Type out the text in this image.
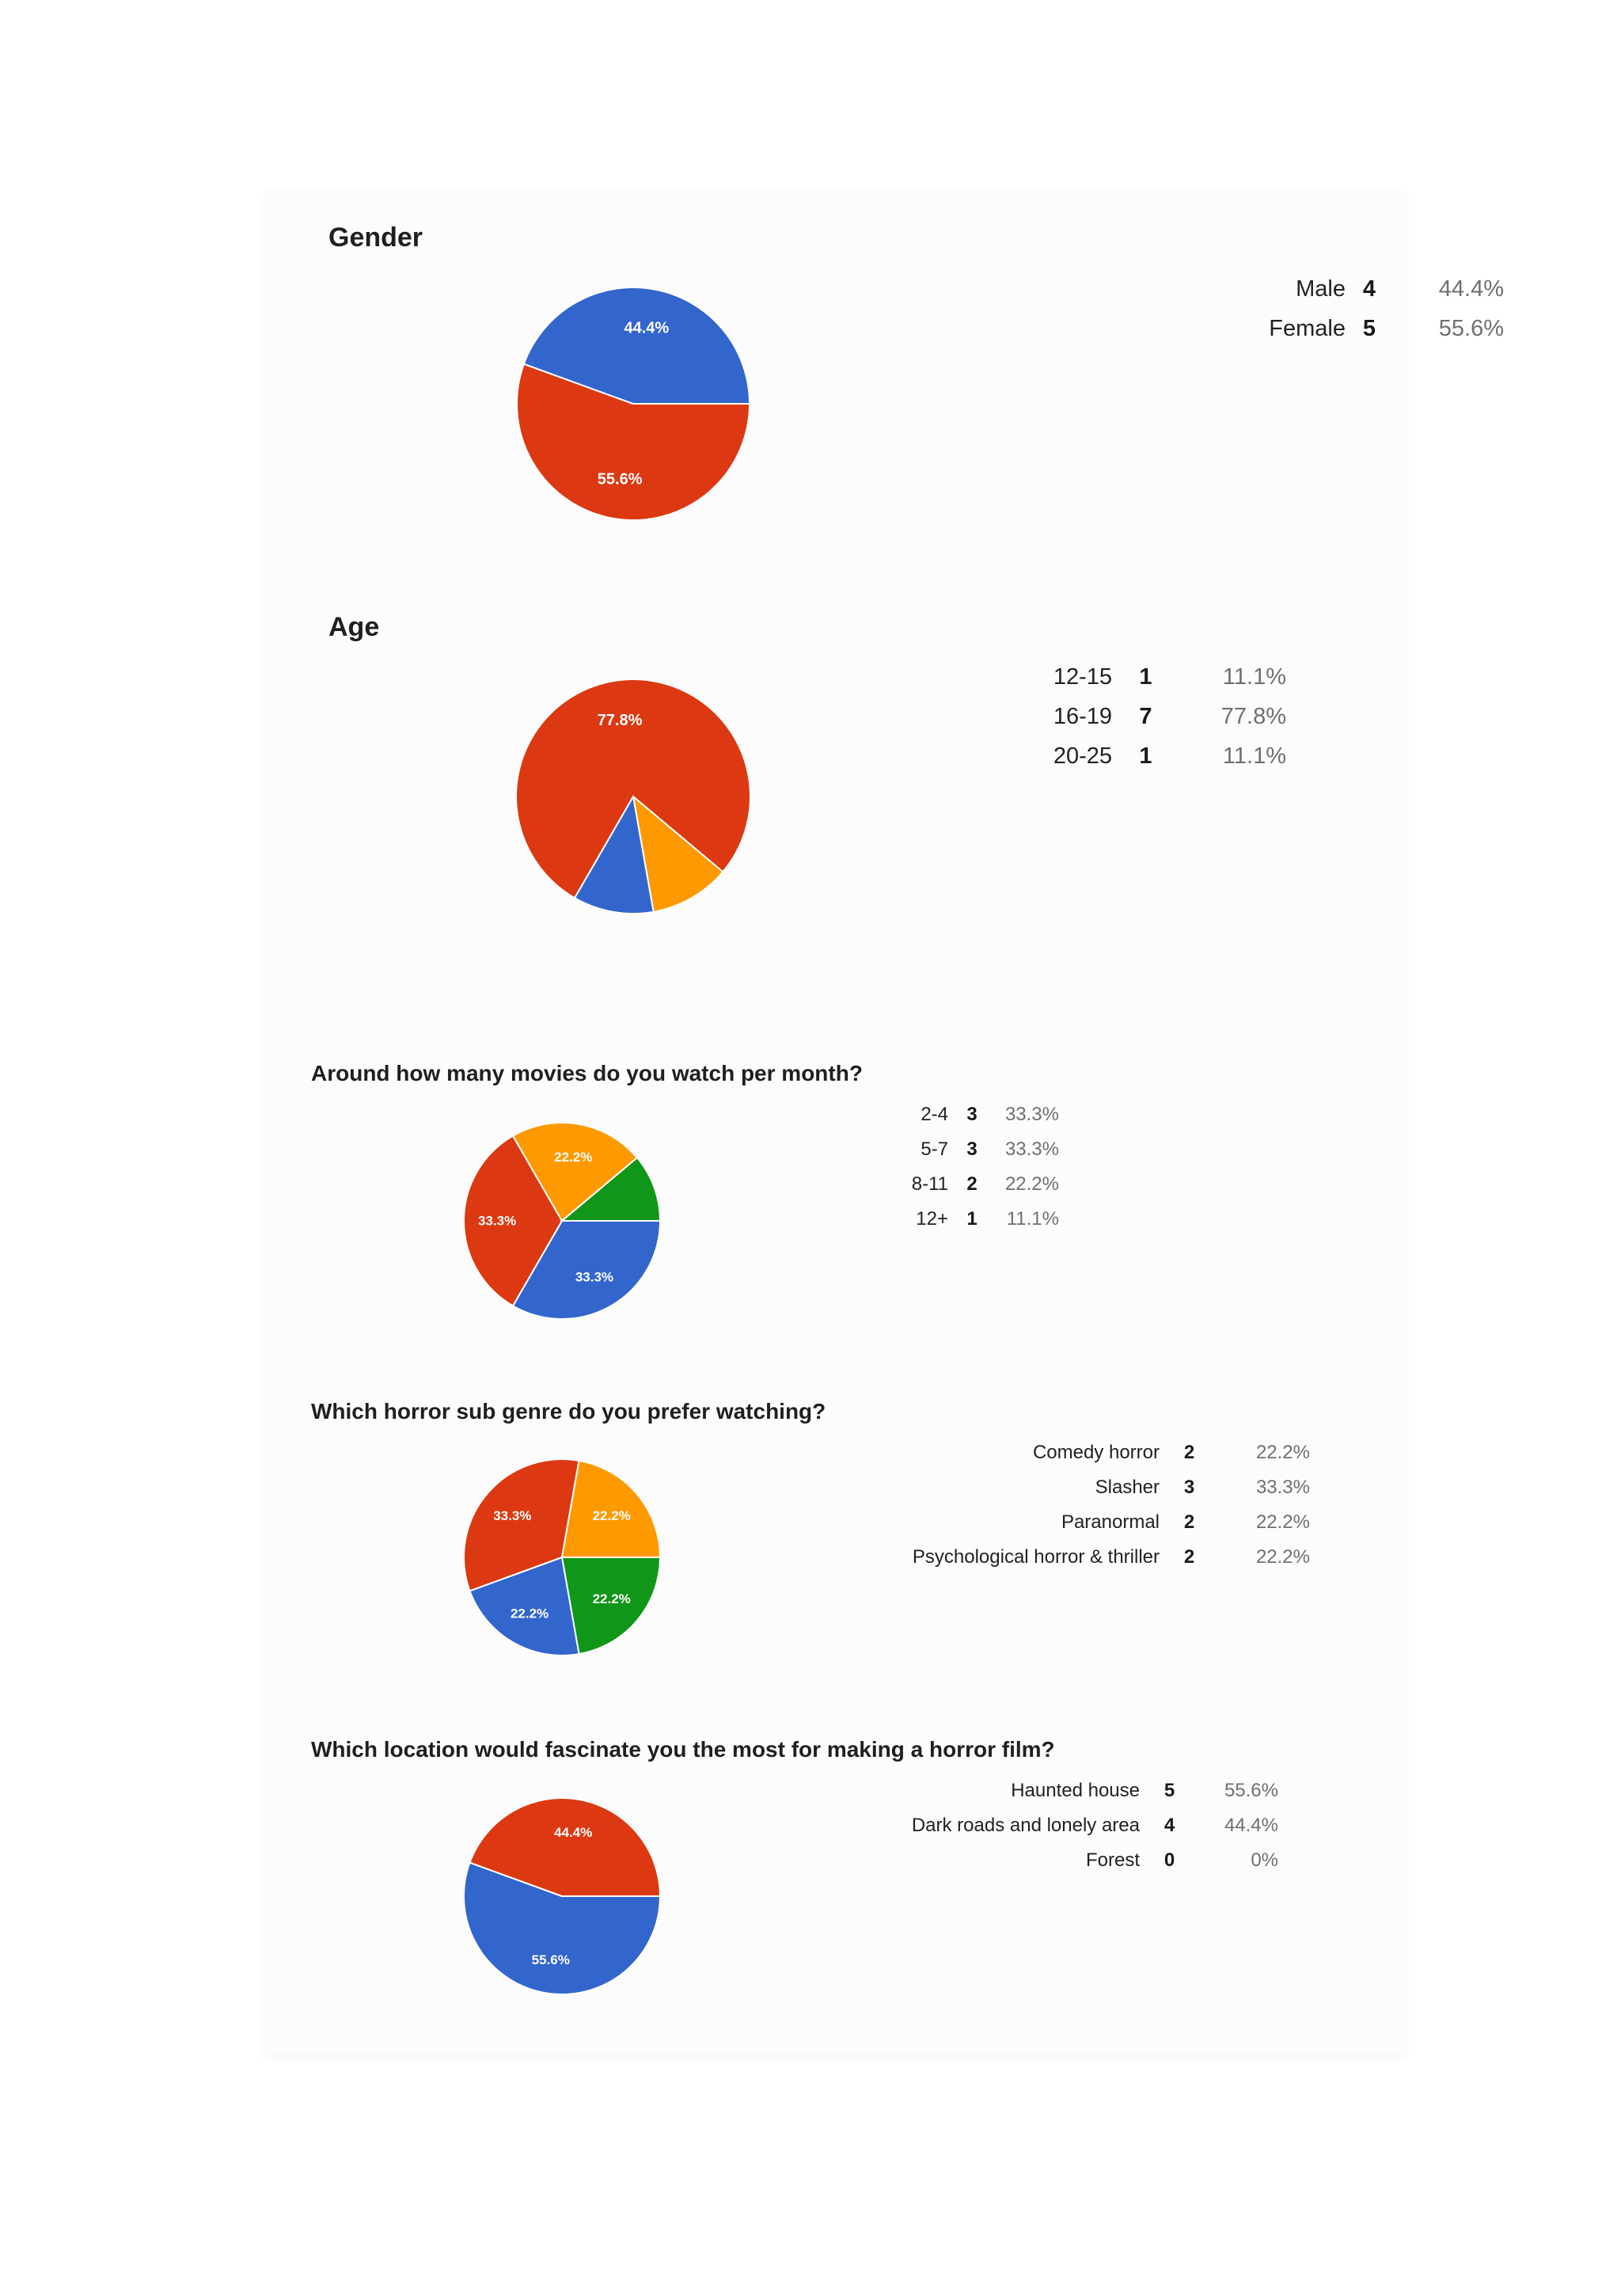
Gender
55.6%
44.4%
Male	4	44.4%
Female	5	55.6%
Age
77.8%
12-15	1	11.1%
16-19	7	77.8%
20-25	1	11.1%
Around how many movies do you watch per month?
33.3%
33.3%
22.2%
2-4	3	33.3%
5-7	3	33.3%
8-11	2	22.2%
12+	1	11.1%
Which horror sub genre do you prefer watching?
22.2%
22.2%
33.3%	22.2%
Comedy horror	2	22.2%
Slasher	3	33.3%
Paranormal	2	22.2%
Psychological horror & thriller	2	22.2%
Which location would fascinate you the most for making a horror film?
55.6%
44.4%
Haunted house	5	55.6%
Dark roads and lonely area	4	44.4%
Forest	0	0%
